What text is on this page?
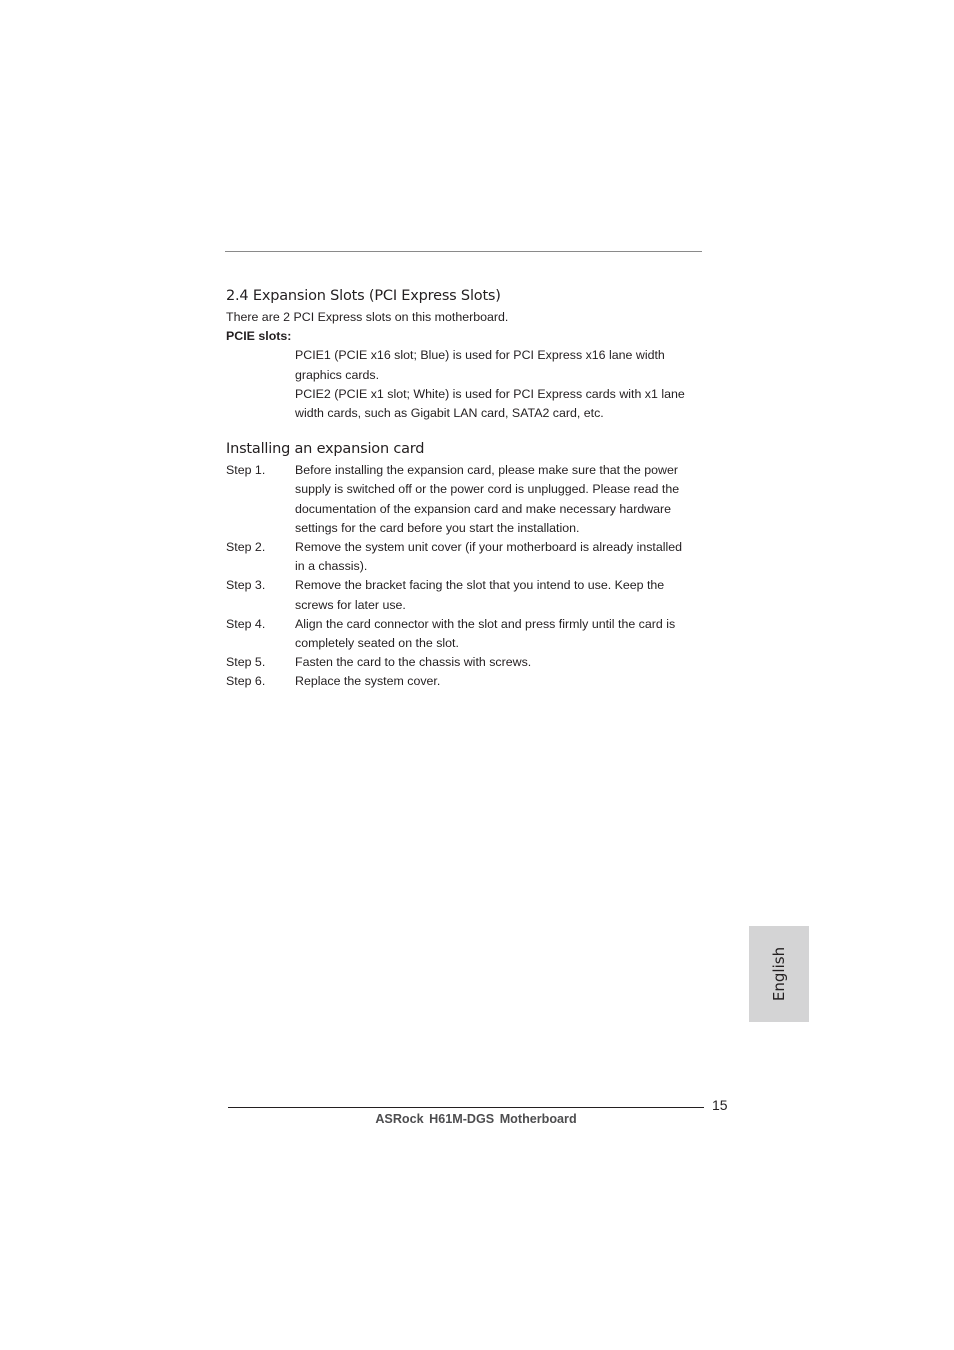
2.4 Expansion Slots (PCI Express Slots)

There are 2 PCI Express slots on this motherboard.

PCIE slots:

PCIE1 (PCIE x16 slot; Blue) is used for PCI Express x16 lane width

graphics cards.

PCIE2 (PCIE x1 slot; White) is used for PCI Express cards with x1 lane

width cards, such as Gigabit LAN card, SATA2 card, etc.

Installing an expansion card
Step 1.	Before installing the expansion card, please make sure that the power
supply is switched off or the power cord is unplugged. Please read the
documentation of the expansion card and make necessary hardware
settings for the card before you start the installation.
Step 2.	Remove the system unit cover (if your motherboard is already installed
in a chassis).
Step 3.	Remove the bracket facing the slot that you intend to use. Keep the
screws for later use.
Step 4.	Align the card connector with the slot and press firmly until the card is
completely seated on the slot.
Step 5.	Fasten the card to the chassis with screws.
Step 6.	Replace the system cover.
English
15
ASRock H61M-DGS Motherboard
